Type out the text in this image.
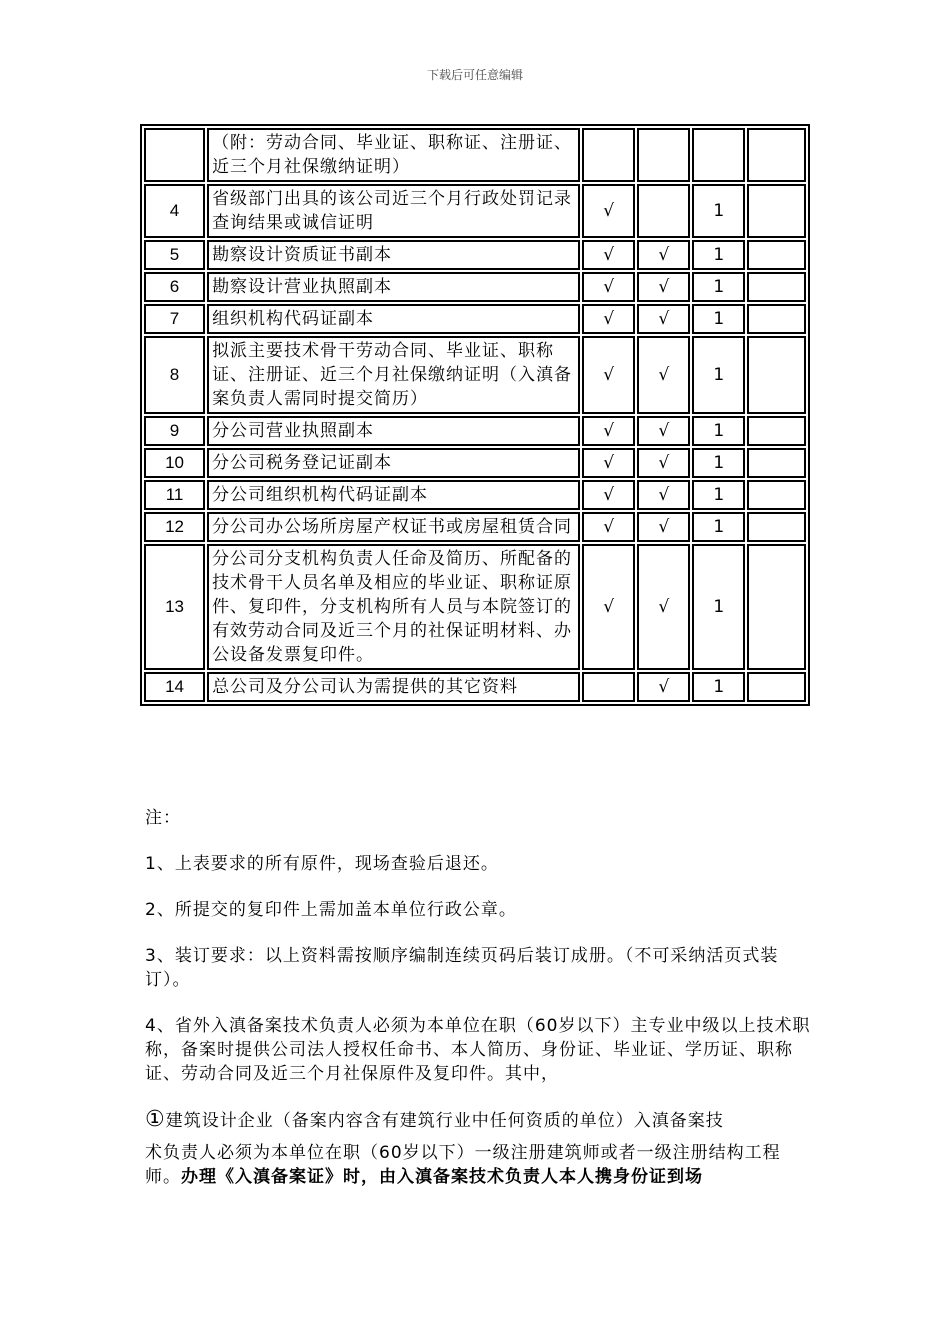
下载后可任意编辑
	（附：劳动合同、毕业证、职称证、注册证、近三个月社保缴纳证明）				
4	省级部门出具的该公司近三个月行政处罚记录查询结果或诚信证明	√		1	
5	勘察设计资质证书副本	√	√	1	
6	勘察设计营业执照副本	√	√	1	
7	组织机构代码证副本	√	√	1	
8	拟派主要技术骨干劳动合同、毕业证、职称证、注册证、近三个月社保缴纳证明（入滇备案负责人需同时提交简历）	√	√	1	
9	分公司营业执照副本	√	√	1	
10	分公司税务登记证副本	√	√	1	
11	分公司组织机构代码证副本	√	√	1	
12	分公司办公场所房屋产权证书或房屋租赁合同	√	√	1	
13	分公司分支机构负责人任命及简历、所配备的技术骨干人员名单及相应的毕业证、职称证原件、复印件，分支机构所有人员与本院签订的有效劳动合同及近三个月的社保证明材料、办公设备发票复印件。	√	√	1	
14	总公司及分公司认为需提供的其它资料		√	1	

注：

1、上表要求的所有原件，现场查验后退还。

2、所提交的复印件上需加盖本单位行政公章。

3、装订要求：以上资料需按顺序编制连续页码后装订成册。（不可采纳活页式装订）。

4、省外入滇备案技术负责人必须为本单位在职（60岁以下）主专业中级以上技术职称，备案时提供公司法人授权任命书、本人简历、身份证、毕业证、学历证、职称证、劳动合同及近三个月社保原件及复印件。其中，

①建筑设计企业（备案内容含有建筑行业中任何资质的单位）入滇备案技

术负责人必须为本单位在职（60岁以下）一级注册建筑师或者一级注册结构工程师。办理《入滇备案证》时，由入滇备案技术负责人本人携身份证到场
